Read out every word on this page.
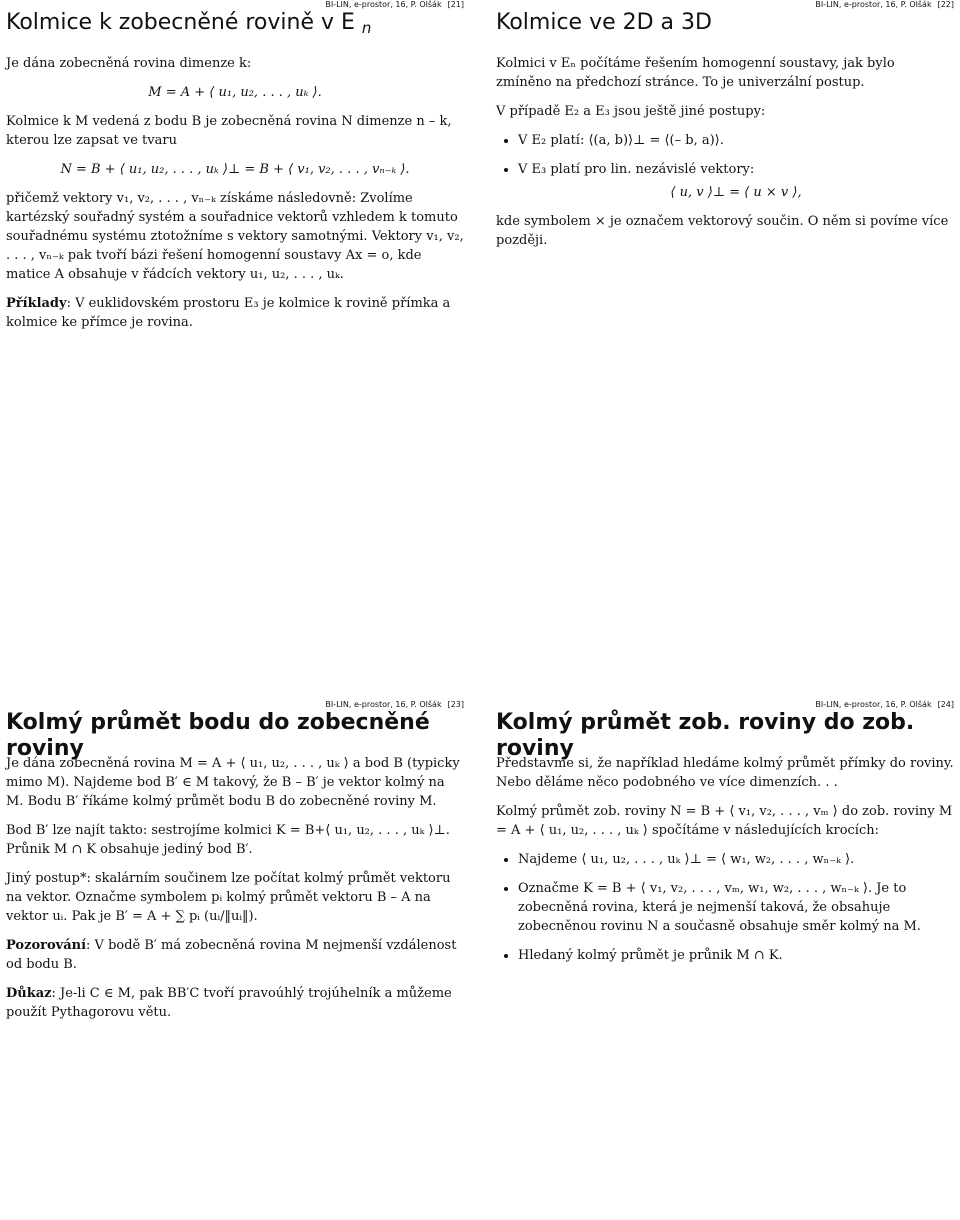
Kolmice k zobecněné rovině v E n
BI-LIN, e-prostor, 16, P. Olšák [21]

Je dána zobecněná rovina dimenze k:

M = A + ⟨ u₁, u₂, . . . , uₖ ⟩.

Kolmice k M vedená z bodu B je zobecněná rovina N dimenze n – k, kterou lze zapsat ve tvaru

N = B + ⟨ u₁, u₂, . . . , uₖ ⟩⊥ = B + ⟨ v₁, v₂, . . . , vₙ₋ₖ ⟩.

přičemž vektory v₁, v₂, . . . , vₙ₋ₖ získáme následovně: Zvolíme kartézský souřadný systém a souřadnice vektorů vzhledem k tomuto souřadnému systému ztotožníme s vektory samotnými. Vektory v₁, v₂, . . . , vₙ₋ₖ pak tvoří bázi řešení homogenní soustavy Ax = o, kde matice A obsahuje v řádcích vektory u₁, u₂, . . . , uₖ.

Příklady: V euklidovském prostoru E₃ je kolmice k rovině přímka a kolmice ke přímce je rovina.

Kolmice ve 2D a 3D
BI-LIN, e-prostor, 16, P. Olšák [22]

Kolmici v Eₙ počítáme řešením homogenní soustavy, jak bylo zmíněno na předchozí stránce. To je univerzální postup.

V případě E₂ a E₃ jsou ještě jiné postupy:

• V E₂ platí: ⟨(a, b)⟩⊥ = ⟨(– b, a)⟩.
• V E₃ platí pro lin. nezávislé vektory:
⟨ u, v ⟩⊥ = ⟨ u × v ⟩,

kde symbolem × je označem vektorový součin. O něm si povíme více později.

Kolmý průmět bodu do zobecněné roviny
BI-LIN, e-prostor, 16, P. Olšák [23]

Je dána zobecněná rovina M = A + ⟨ u₁, u₂, . . . , uₖ ⟩ a bod B (typicky mimo M). Najdeme bod B′ ∈ M takový, že B – B′ je vektor kolmý na M. Bodu B′ říkáme kolmý průmět bodu B do zobecněné roviny M.

Bod B′ lze najít takto: sestrojíme kolmici K = B+⟨ u₁, u₂, . . . , uₖ ⟩⊥. Průnik M ∩ K obsahuje jediný bod B′.

Jiný postup*: skalárním součinem lze počítat kolmý průmět vektoru na vektor. Označme symbolem pᵢ kolmý průmět vektoru B – A na vektor uᵢ. Pak je B′ = A + ∑ pᵢ (uᵢ/‖uᵢ‖).

Pozorování: V bodě B′ má zobecněná rovina M nejmenší vzdálenost od bodu B.

Důkaz: Je-li C ∈ M, pak BB′C tvoří pravoúhlý trojúhelník a můžeme použít Pythagorovu větu.

Kolmý průmět zob. roviny do zob. roviny
BI-LIN, e-prostor, 16, P. Olšák [24]

Představme si, že například hledáme kolmý průmět přímky do roviny. Nebo děláme něco podobného ve více dimenzích. . .

Kolmý průmět zob. roviny N = B + ⟨ v₁, v₂, . . . , vₘ ⟩ do zob. roviny M = A + ⟨ u₁, u₂, . . . , uₖ ⟩ spočítáme v následujících krocích:

• Najdeme ⟨ u₁, u₂, . . . , uₖ ⟩⊥ = ⟨ w₁, w₂, . . . , wₙ₋ₖ ⟩.
• Označme K = B + ⟨ v₁, v₂, . . . , vₘ, w₁, w₂, . . . , wₙ₋ₖ ⟩. Je to zobecněná rovina, která je nejmenší taková, že obsahuje zobecněnou rovinu N a současně obsahuje směr kolmý na M.
• Hledaný kolmý průmět je průnik M ∩ K.
